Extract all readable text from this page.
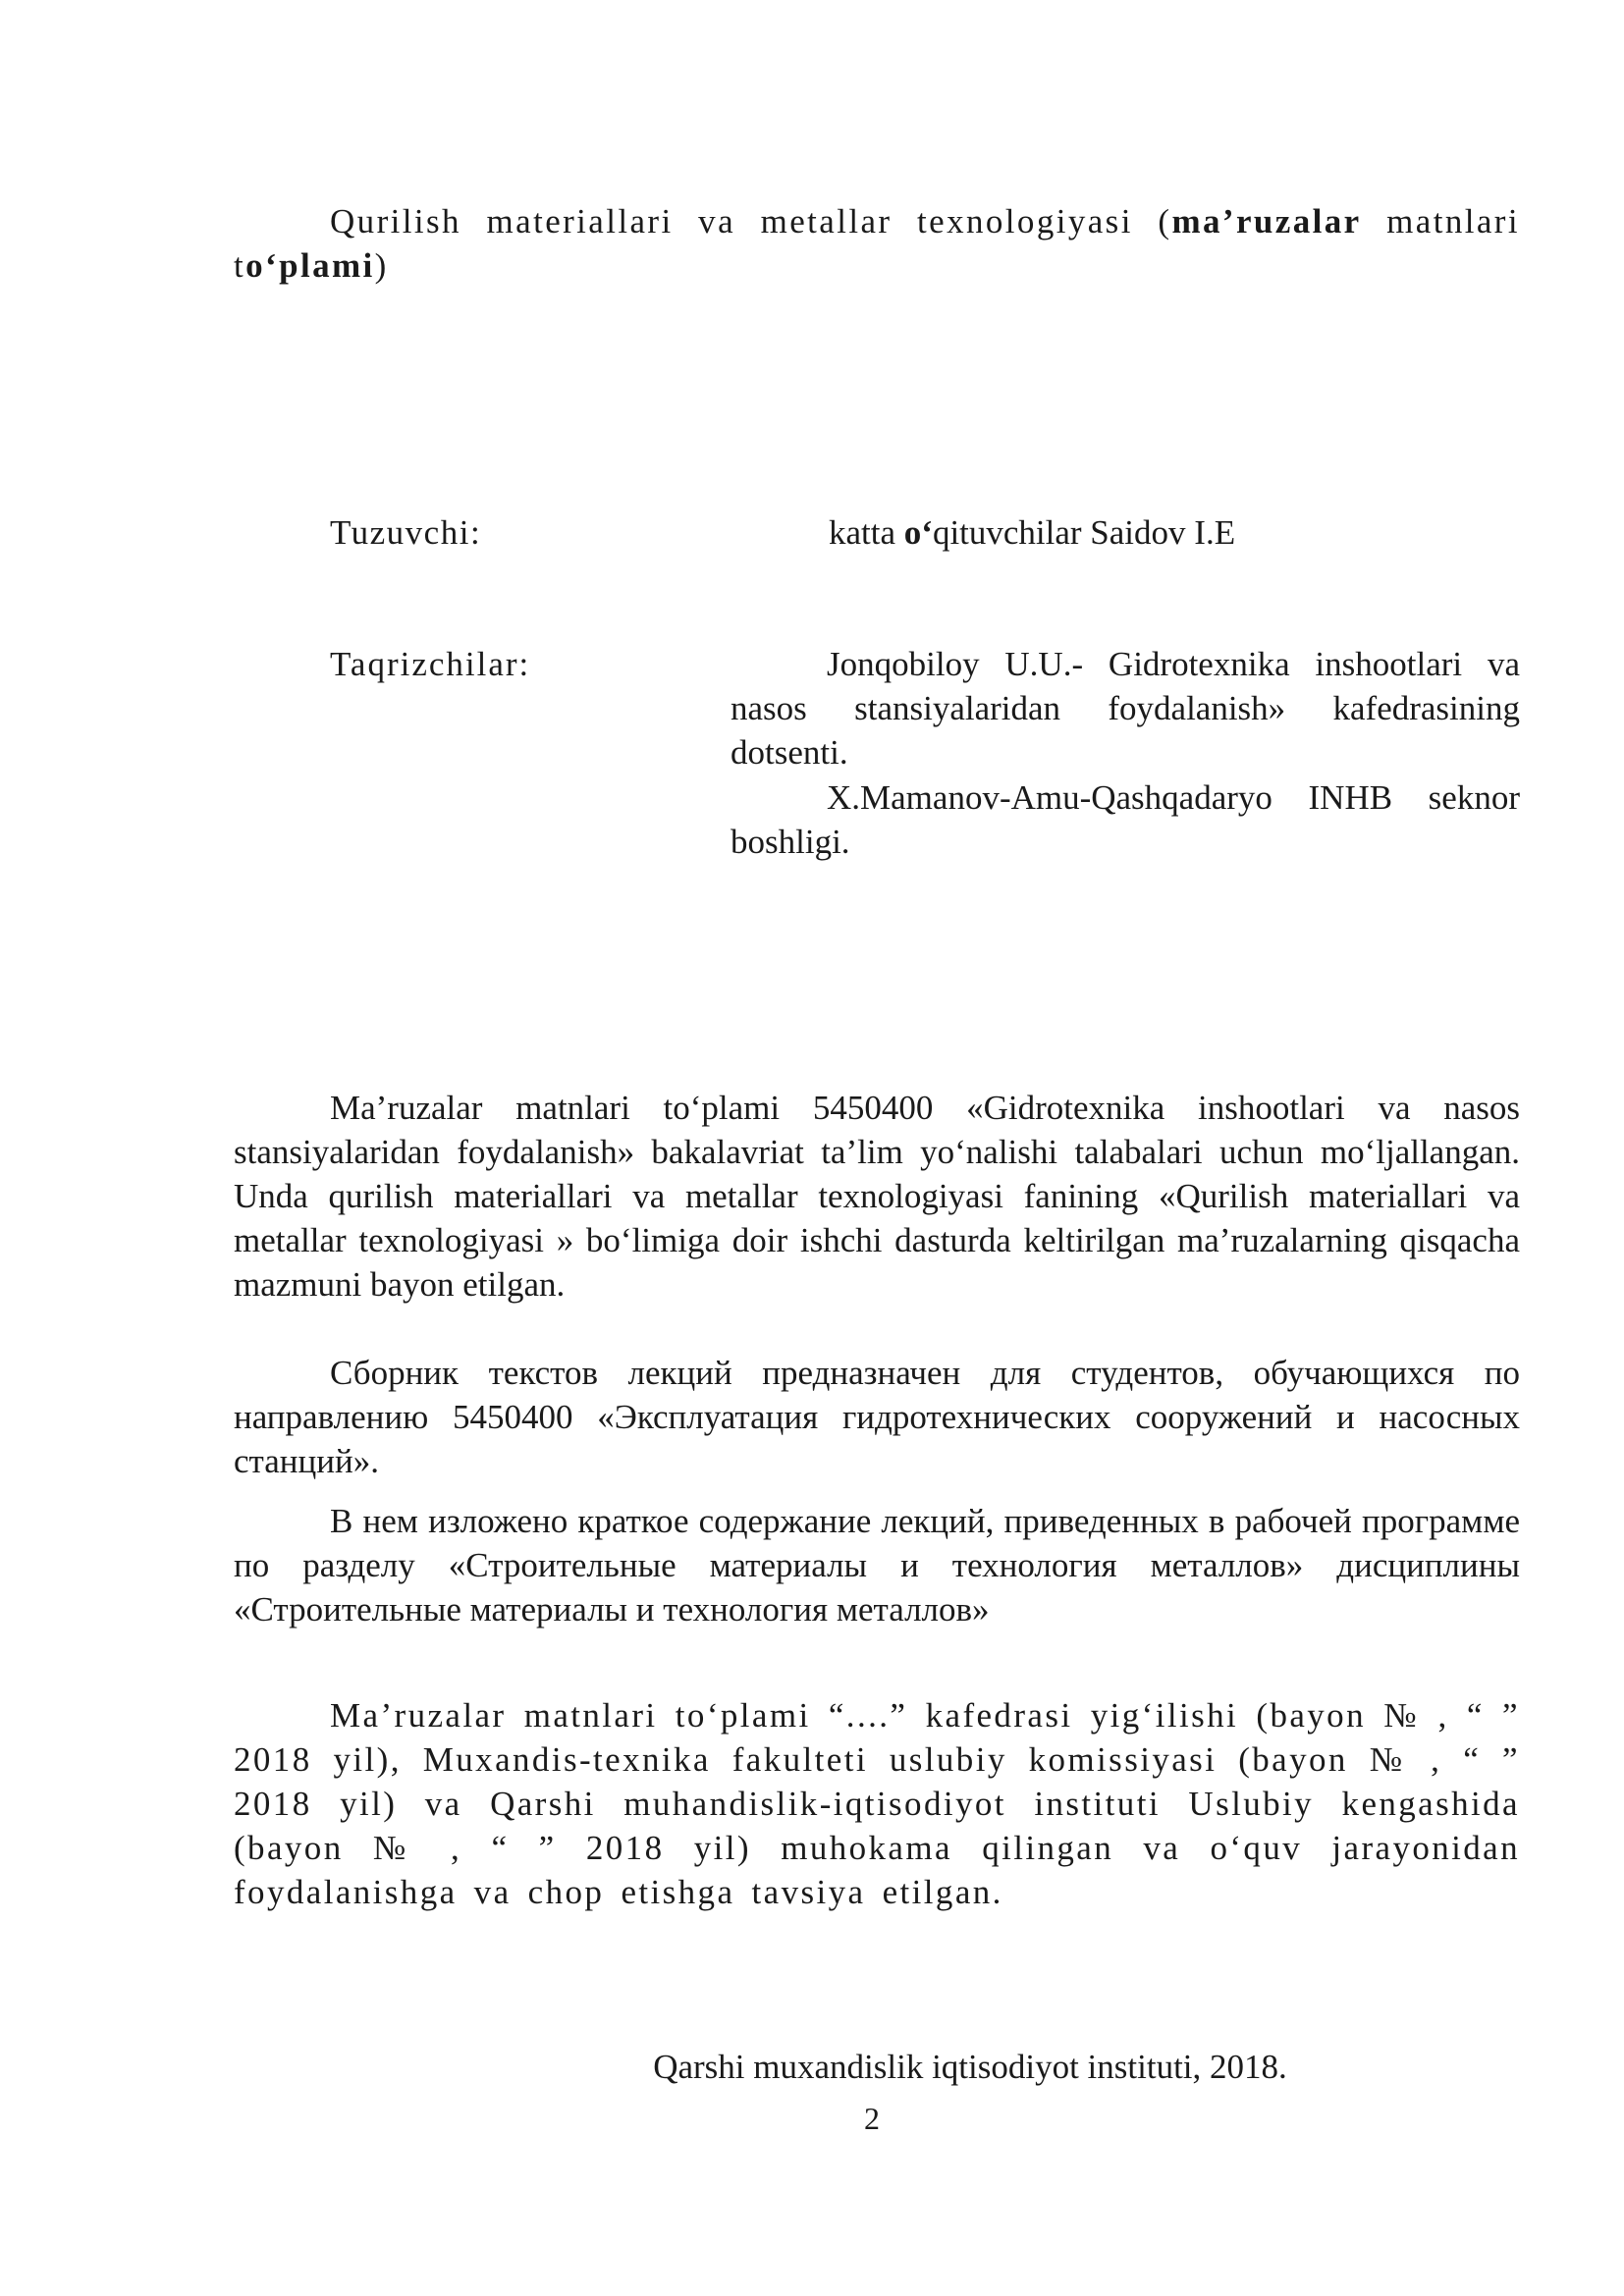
Qurilish materiallari va metallar texnologiyasi (ma’ruzalar matnlari to‘plami)

Tuzuvchi:	katta o‘qituvchilar Saidov I.E

Taqrizchilar:	Jonqobiloy U.U.- Gidrotexnika inshootlari va nasos stansiyalaridan foydalanish» kafedrasining dotsenti.

X.Mamanov-Amu-Qashqadaryo INHB seknor boshligi.

Ma’ruzalar matnlari to‘plami 5450400 «Gidrotexnika inshootlari va nasos stansiyalaridan foydalanish» bakalavriat ta’lim yo‘nalishi talabalari uchun mo‘ljallangan. Unda qurilish materiallari va metallar texnologiyasi fanining «Qurilish materiallari va metallar texnologiyasi » bo‘limiga doir ishchi dasturda keltirilgan ma’ruzalarning qisqacha mazmuni bayon etilgan.

Сборник текстов лекций предназначен для студентов, обучающихся по направлению 5450400 «Эксплуатация гидротехнических сооружений и насосных станций».

В нем изложено краткое содержание лекций, приведенных в рабочей программе по разделу «Строительные материалы и технология металлов» дисциплины «Строительные материалы и технология металлов»

Ma’ruzalar matnlari to‘plami “....” kafedrasi yig‘ilishi (bayon № , “ ” 2018 yil), Muxandis-texnika fakulteti uslubiy komissiyasi (bayon № , “ ” 2018 yil) va Qarshi muhandislik-iqtisodiyot instituti Uslubiy kengashida (bayon № , “ ” 2018 yil) muhokama qilingan va o‘quv jarayonidan foydalanishga va chop etishga tavsiya etilgan.

Qarshi muxandislik iqtisodiyot instituti, 2018.
2
